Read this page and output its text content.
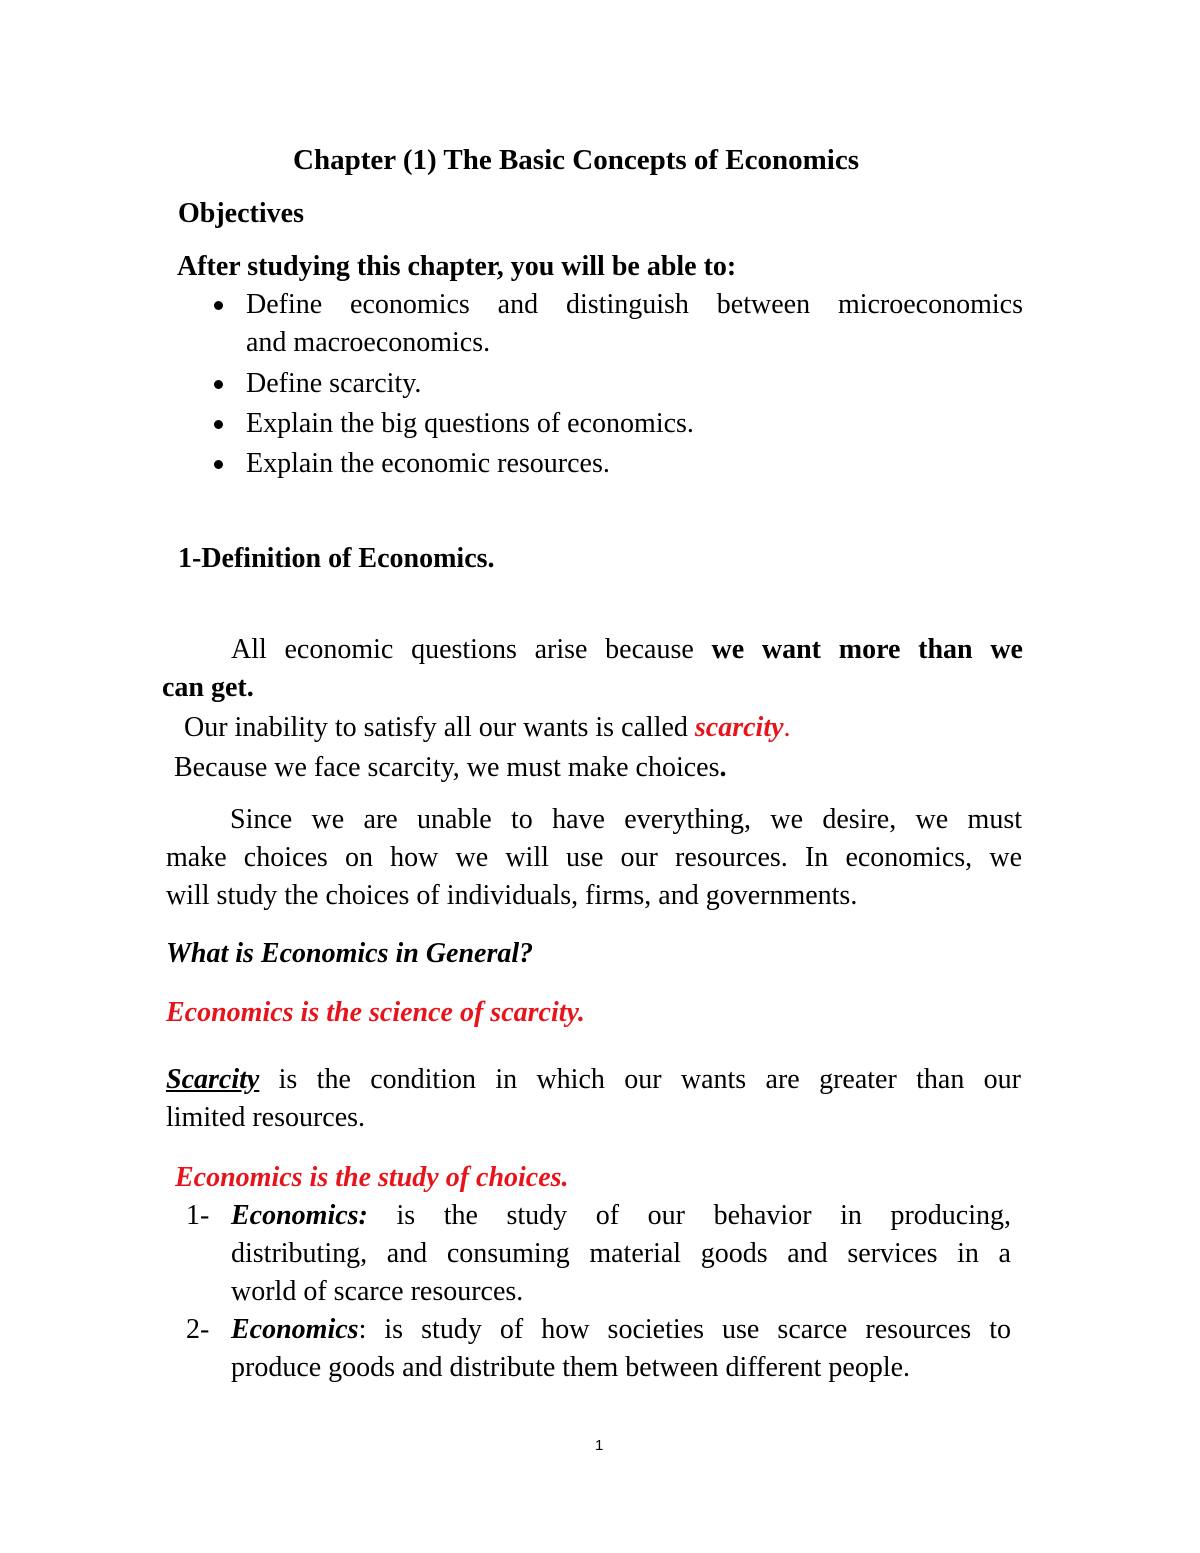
Chapter (1) The Basic Concepts of Economics
Objectives
After studying this chapter, you will be able to:
Define economics and distinguish between microeconomics
and macroeconomics.
Define scarcity.
Explain the big questions of economics.
Explain the economic resources.
1-Definition of Economics.
All economic questions arise because we want more than we
can get.
Our inability to satisfy all our wants is called scarcity.
Because we face scarcity, we must make choices.
Since we are unable to have everything, we desire, we must
make choices on how we will use our resources. In economics, we
will study the choices of individuals, firms, and governments.
What is Economics in General?
Economics is the science of scarcity.
Scarcity is the condition in which our wants are greater than our
limited resources.
Economics is the study of choices.
1- Economics: is the study of our behavior in producing,
distributing, and consuming material goods and services in a
world of scarce resources.
2- Economics: is study of how societies use scarce resources to
produce goods and distribute them between different people.
1
